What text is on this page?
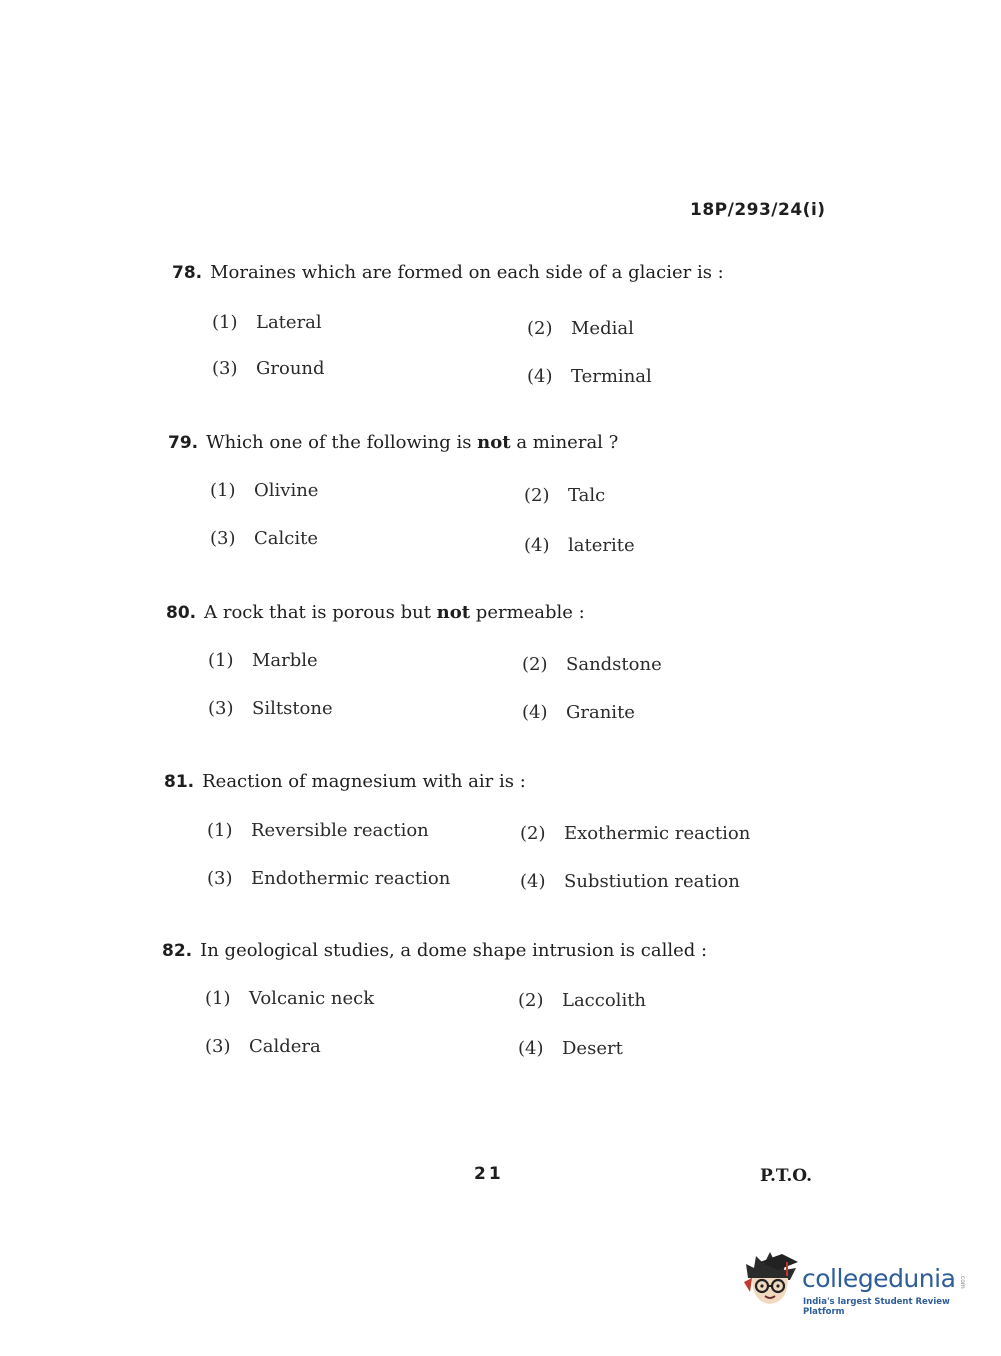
18P/293/24(i)
78. Moraines which are formed on each side of a glacier is :
(1) Lateral	(2) Medial
(3) Ground	(4) Terminal
79. Which one of the following is not a mineral ?
(1) Olivine	(2) Talc
(3) Calcite	(4) laterite
80. A rock that is porous but not permeable :
(1) Marble	(2) Sandstone
(3) Siltstone	(4) Granite
81. Reaction of magnesium with air is :
(1) Reversible reaction	(2) Exothermic reaction
(3) Endothermic reaction	(4) Substiution reation
82. In geological studies, a dome shape intrusion is called :
(1) Volcanic neck	(2) Laccolith
(3) Caldera	(4) Desert
21	P.T.O.
collegedunia .com
India's largest Student Review Platform
